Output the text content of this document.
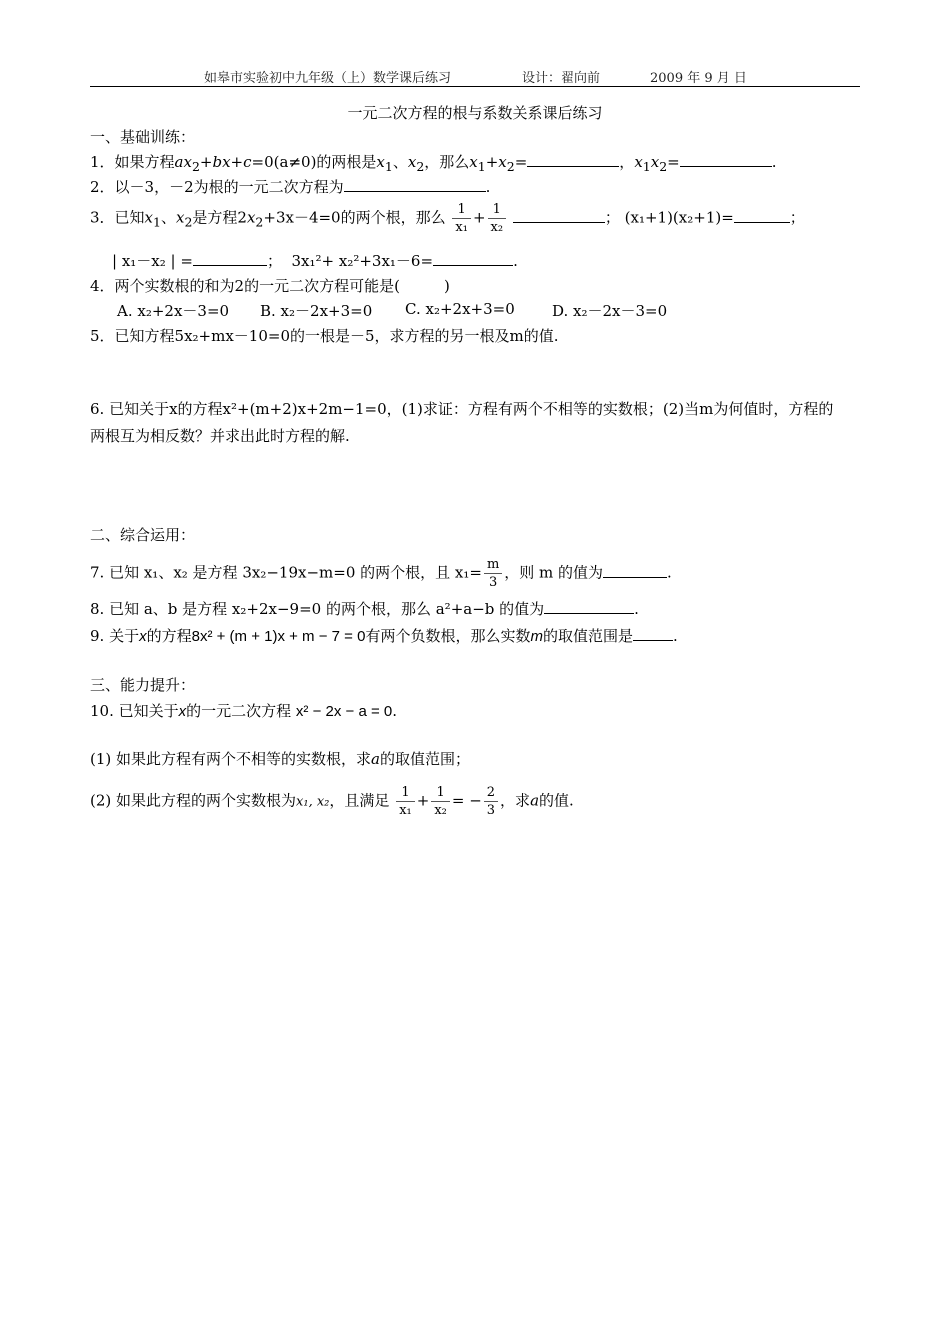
如皋市实验初中九年级（上）数学课后练习	设计：翟向前	2009 年 9 月 日
一元二次方程的根与系数关系课后练习
一、基础训练：
1．如果方程$ax_2+bx+c=0(a\ne 0)$的两根是$x_1$、$x_2$，那么$x_1+x_2=$	，$x_1x_2=$	.
2．以－3，－2为根的一元二次方程为	.
3．已知$x_1$、$x_2$是方程$2x_2+3x-4=0$的两个根，那么 $\frac{1}{\text{x₁}} + \frac{1}{\text{x₂}}$	； (x₁+1)(x₂+1)=	；
| x₁－x₂ | =	； 3x₁²+ x₂²+3x₁－6=	.
4．两个实数根的和为2的一元二次方程可能是(	)
A. x₂+2x－3=0 B. x₂－2x+3=0 C. x₂+2x+3=0 D. x₂－2x－3=0
5．已知方程5x₂+mx－10=0的一根是－5，求方程的另一根及m的值.
6. 已知关于x的方程x²+(m+2)x+2m−1=0，(1)求证：方程有两个不相等的实数根；(2)当m为何值时，方程的
两根互为相反数？并求出此时方程的解.
二、综合运用：
7. 已知 x₁、x₂ 是方程 3x₂−19x−m=0 的两个根，且 $x_1= \frac{m}{3}$ ，则 m 的值为	.
8. 已知 a、b 是方程 x₂+2x−9=0 的两个根，那么 a²+a−b 的值为	.
9. 关于x的方程8x² + (m + 1)x + m − 7 = 0有两个负数根，那么实数m的取值范围是	.
三、能力提升：
10. 已知关于x的一元二次方程 x² − 2x − a = 0.
(1) 如果此方程有两个不相等的实数根，求a的取值范围；
(2) 如果此方程的两个实数根为x₁, x₂，且满足 $\frac{1}{\text{x₁}} + \frac{1}{\text{x₂}}$ = − $\frac{2}{3}$ ，求a的值.
